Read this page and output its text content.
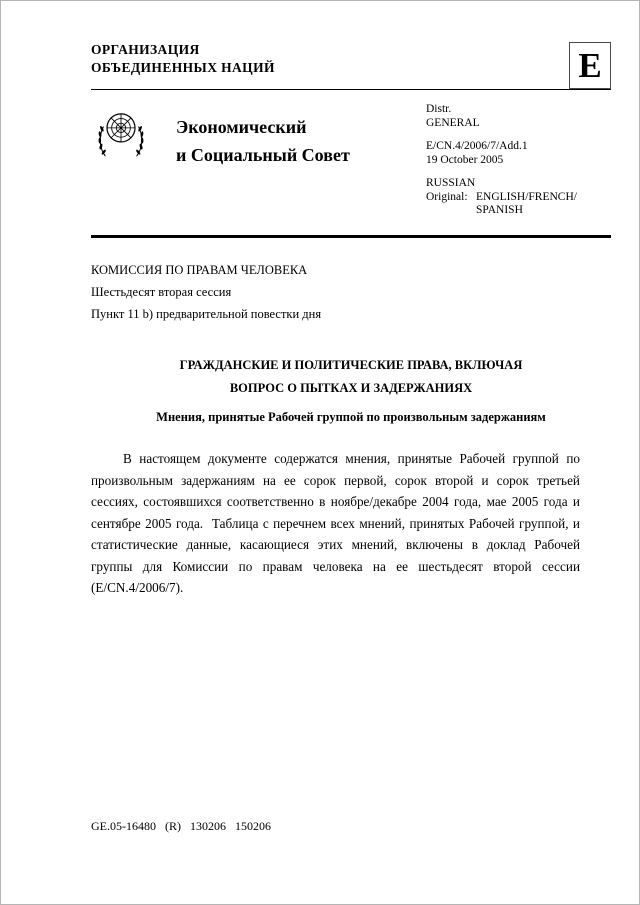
ОРГАНИЗАЦИЯ
ОБЪЕДИНЕННЫХ НАЦИЙ	E
Экономический
и Социальный Совет
Distr.
GENERAL
E/CN.4/2006/7/Add.1
19 October 2005
RUSSIAN
Original: ENGLISH/FRENCH/
SPANISH
КОМИССИЯ ПО ПРАВАМ ЧЕЛОВЕКА
Шестьдесят вторая сессия
Пункт 11 b) предварительной повестки дня
ГРАЖДАНСКИЕ И ПОЛИТИЧЕСКИЕ ПРАВА, ВКЛЮЧАЯ
ВОПРОС О ПЫТКАХ И ЗАДЕРЖАНИЯХ
Мнения, принятые Рабочей группой по произвольным задержаниям

В настоящем документе содержатся мнения, принятые Рабочей группой по произвольным задержаниям на ее сорок первой, сорок второй и сорок третьей сессиях, состоявшихся соответственно в ноябре/декабре 2004 года, мае 2005 года и сентябре 2005 года.  Таблица с перечнем всех мнений, принятых Рабочей группой, и статистические данные, касающиеся этих мнений, включены в доклад Рабочей группы для Комиссии по правам человека на ее шестьдесят второй сессии (E/CN.4/2006/7).

GE.05-16480   (R)   130206   150206
